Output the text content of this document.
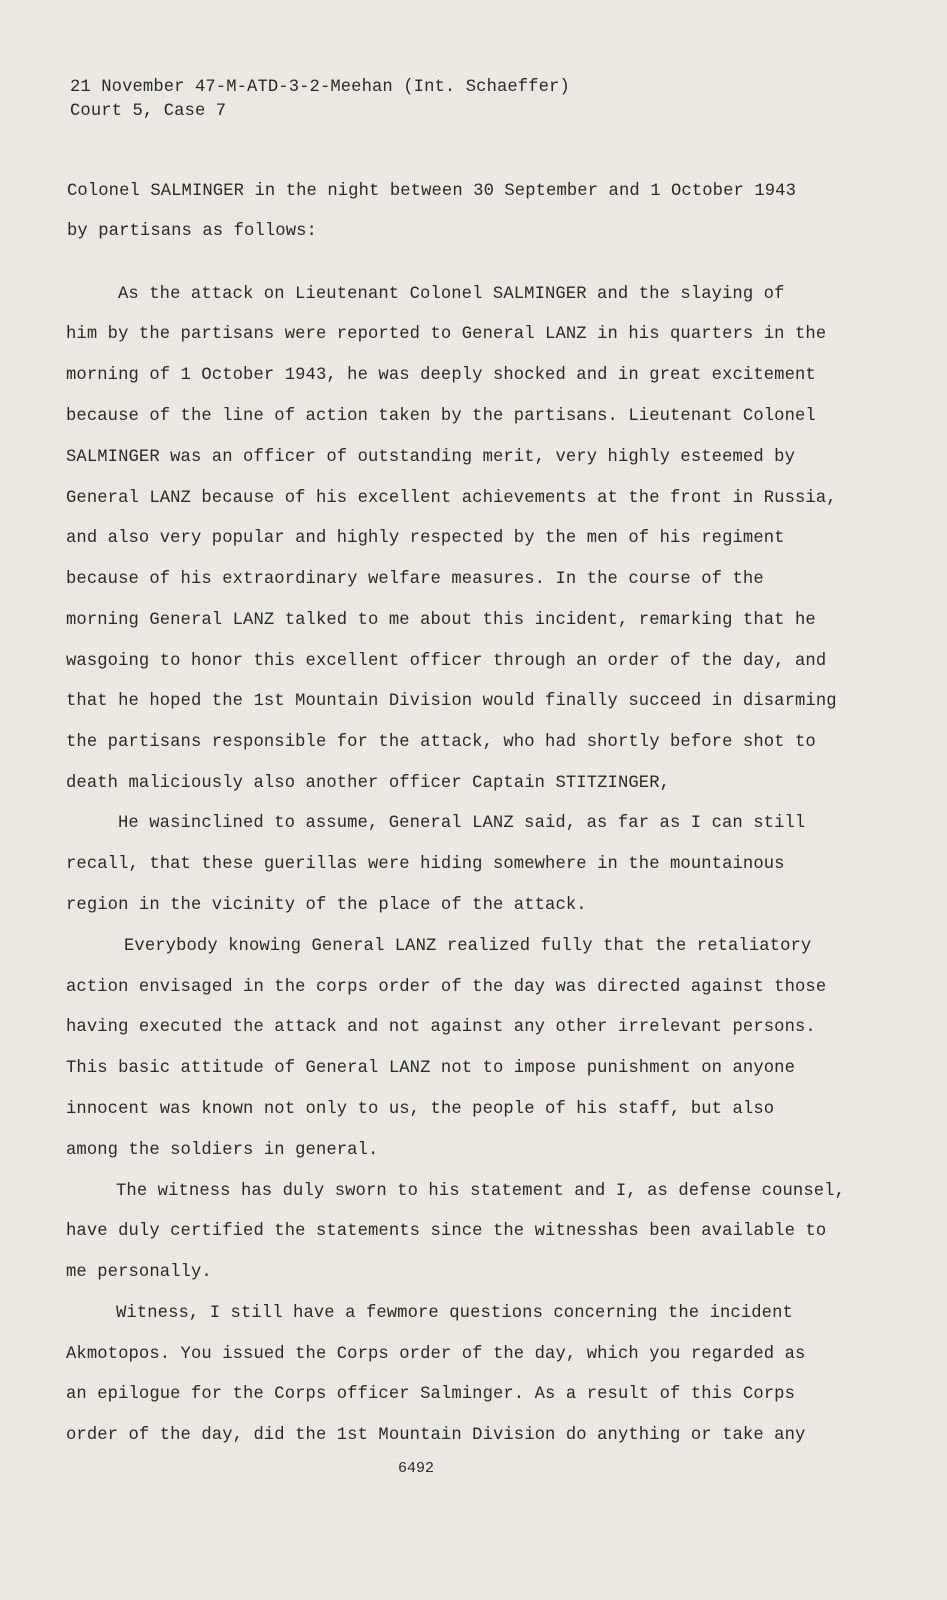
21 November 47-M-ATD-3-2-Meehan (Int. Schaeffer)
Court 5, Case 7
Colonel SALMINGER in the night between 30 September and 1 October 1943
by partisans as follows:
As the attack on Lieutenant Colonel SALMINGER and the slaying of
him by the partisans were reported to General LANZ in his quarters in the
morning of 1 October 1943, he was deeply shocked and in great excitement
because of the line of action taken by the partisans. Lieutenant Colonel
SALMINGER was an officer of outstanding merit, very highly esteemed by
General LANZ because of his excellent achievements at the front in Russia,
and also very popular and highly respected by the men of his regiment
because of his extraordinary welfare measures. In the course of the
morning General LANZ talked to me about this incident, remarking that he
wasgoing to honor this excellent officer through an order of the day, and
that he hoped the 1st Mountain Division would finally succeed in disarming
the partisans responsible for the attack, who had shortly before shot to
death maliciously also another officer Captain STITZINGER,
He wasinclined to assume, General LANZ said, as far as I can still
recall, that these guerillas were hiding somewhere in the mountainous
region in the vicinity of the place of the attack.
Everybody knowing General LANZ realized fully that the retaliatory
action envisaged in the corps order of the day was directed against those
having executed the attack and not against any other irrelevant persons.
This basic attitude of General LANZ not to impose punishment on anyone
innocent was known not only to us, the people of his staff, but also
among the soldiers in general.
The witness has duly sworn to his statement and I, as defense counsel,
have duly certified the statements since the witnesshas been available to
me personally.
Witness, I still have a fewmore questions concerning the incident
Akmotopos. You issued the Corps order of the day, which you regarded as
an epilogue for the Corps officer Salminger. As a result of this Corps
order of the day, did the 1st Mountain Division do anything or take any
6492
